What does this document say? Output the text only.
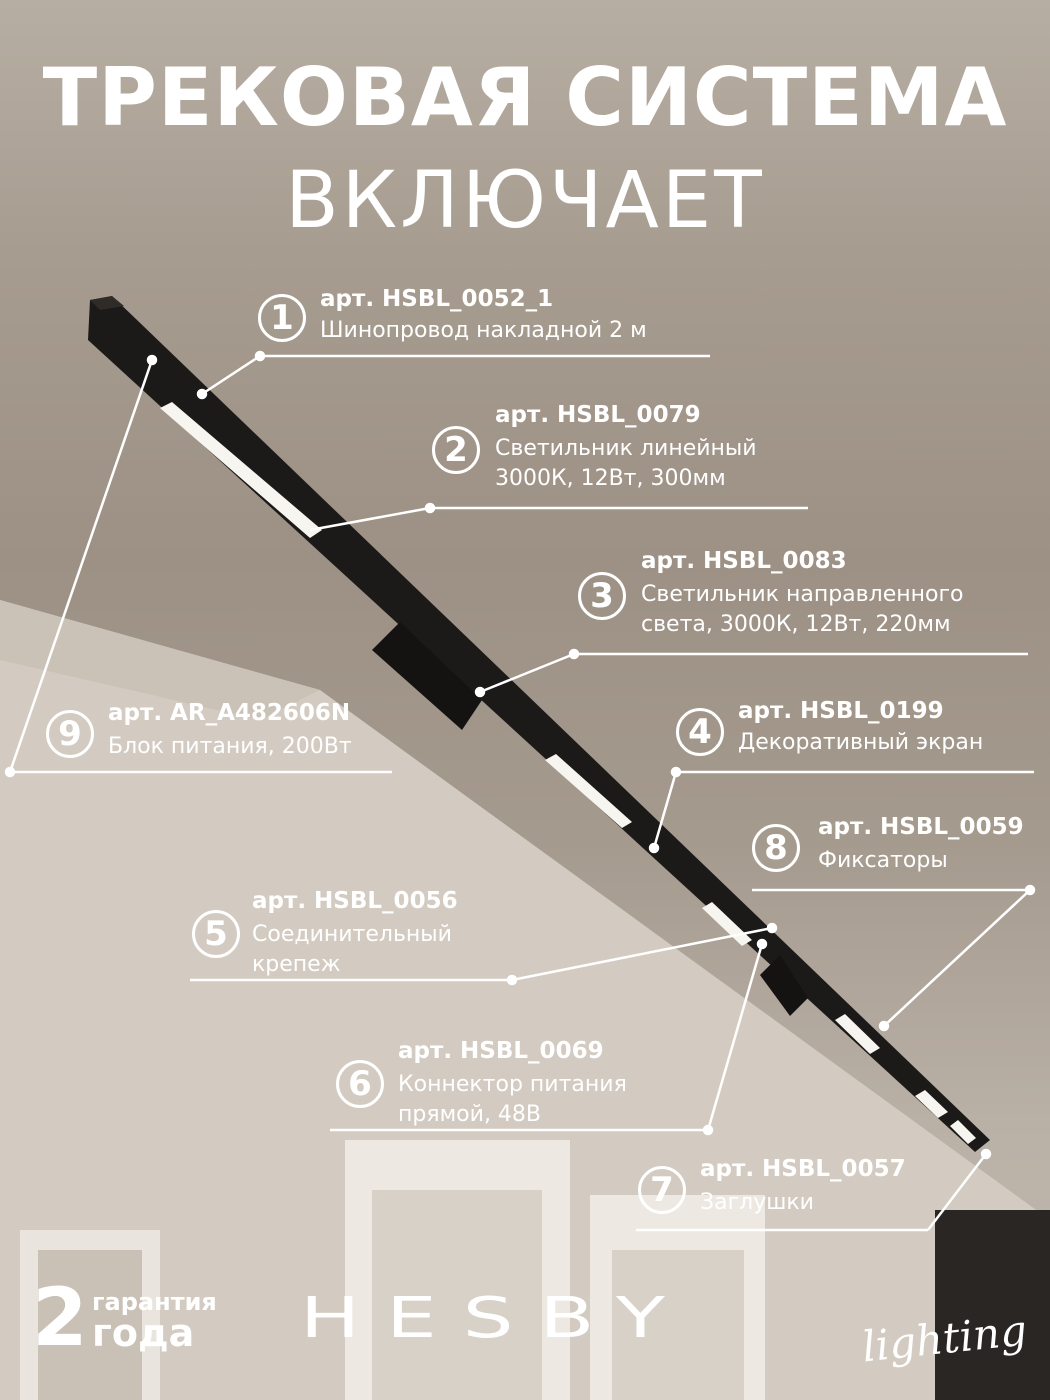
ТРЕКОВАЯ СИСТЕМА
ВКЛЮЧАЕТ
1	арт. HSBL_0052_1
Шинопровод накладной 2 м
2
арт. HSBL_0079
Светильник линейный
3000К, 12Вт, 300мм
3
арт. HSBL_0083
Светильник направленного
света, 3000К, 12Вт, 220мм
4
арт. HSBL_0199
Декоративный экран
5
арт. HSBL_0056
Соединительный
крепеж
6
арт. HSBL_0069
Коннектор питания
прямой, 48В
7
арт. HSBL_0057
Заглушки
8
арт. HSBL_0059
Фиксаторы
9
арт. AR_A482606N
Блок питания, 200Вт
2 гарантия
года HESBY	lighting
